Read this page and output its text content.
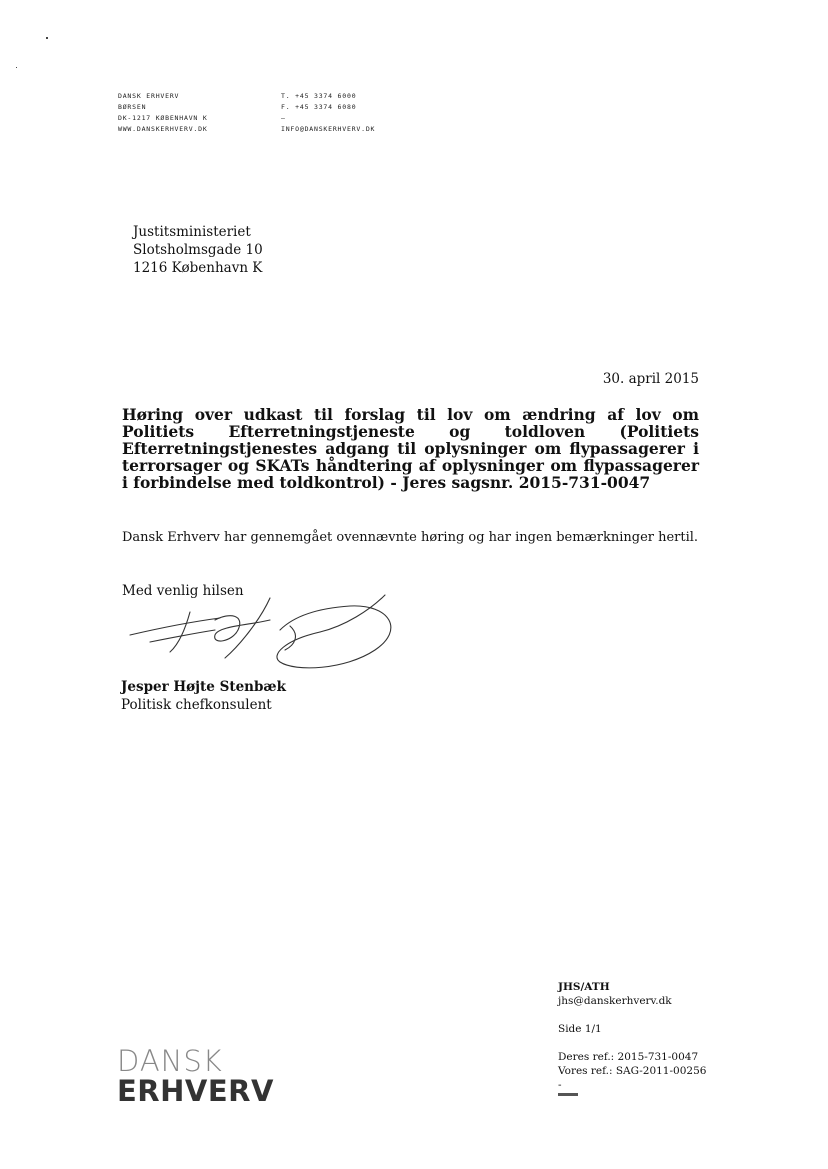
DANSK ERHVERV
BØRSEN
DK-1217 KØBENHAVN K
WWW.DANSKERHVERV.DK
T. +45 3374 6000
F. +45 3374 6080
–
INFO@DANSKERHVERV.DK
Justitsministeriet
Slotsholmsgade 10
1216 København K
30. april 2015
Høring over udkast til forslag til lov om ændring af lov om Politiets Efterretningstjeneste og toldloven (Politiets Efterretningstjenestes adgang til oplysninger om flypassagerer i terrorsager og SKATs håndtering af oplysninger om flypassagerer i forbindelse med toldkontrol) - Jeres sagsnr. 2015-731-0047
Dansk Erhverv har gennemgået ovennævnte høring og har ingen bemærkninger hertil.
Med venlig hilsen
Jesper Højte Stenbæk
Politisk chefkonsulent
JHS/ATH
jhs@danskerhverv.dk
Side 1/1
Deres ref.: 2015-731-0047
Vores ref.: SAG-2011-00256
-
DANSK
ERHVERV
